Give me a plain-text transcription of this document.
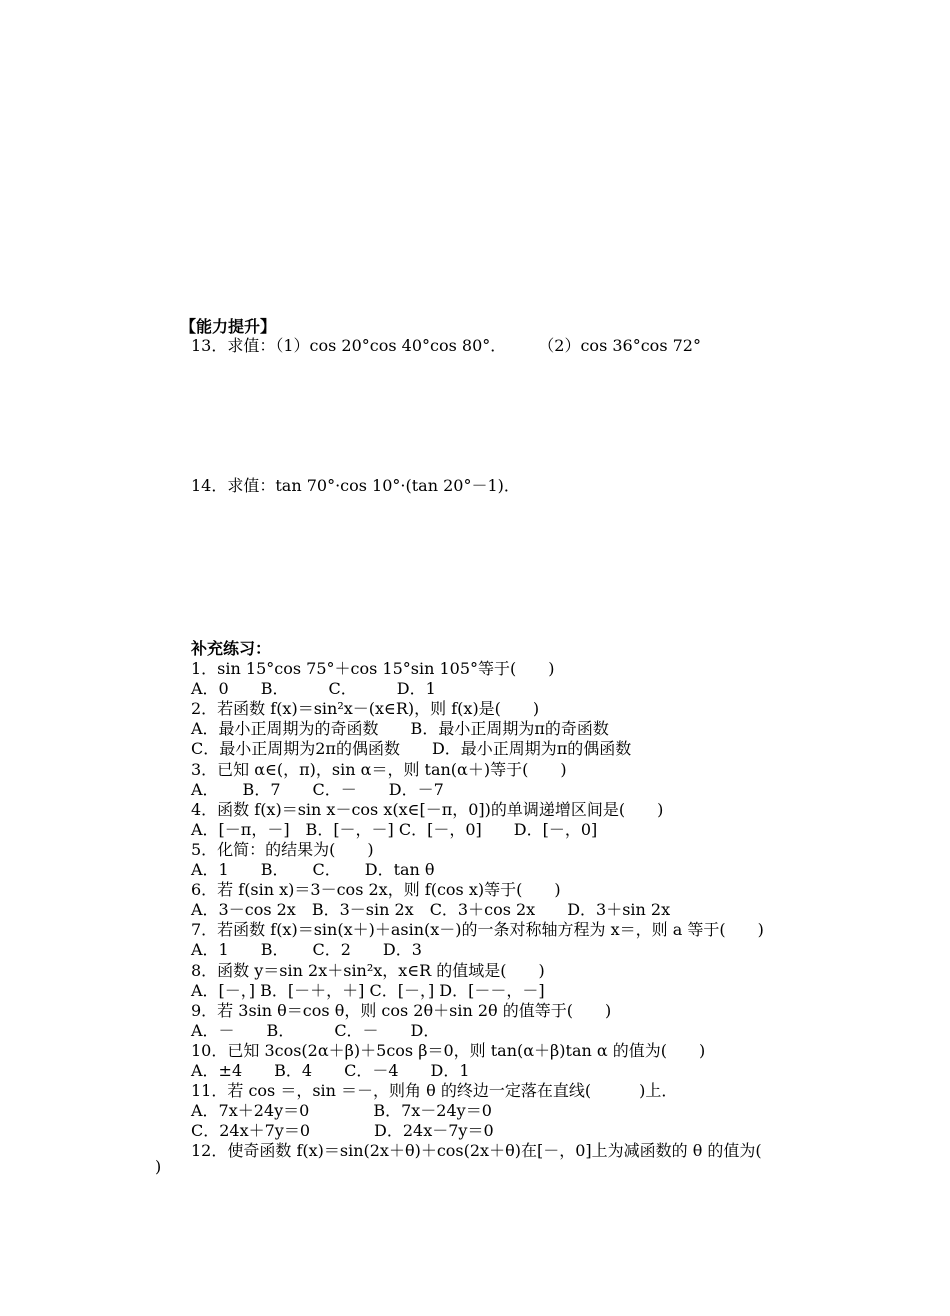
【能力提升】
13．求值：（1）cos 20°cos 40°cos 80°．　　　（2）cos 36°cos 72°
14．求值：tan 70°·cos 10°·(tan 20°－1)．
补充练习：
1．sin 15°cos 75°＋cos 15°sin 105°等于(　　)
A．0　　B．　　　C．　　　D．1
2．若函数 f(x)＝sin²x－(x∈R)，则 f(x)是(　　)
A．最小正周期为的奇函数　　B．最小正周期为π的奇函数
C．最小正周期为2π的偶函数　　D．最小正周期为π的偶函数
3．已知 α∈(，π)，sin α＝，则 tan(α＋)等于(　　)
A．　　B．7　　C．－　　D．－7
4．函数 f(x)＝sin x－cos x(x∈[－π，0])的单调递增区间是(　　)
A．[－π，－]　B．[－，－] C．[－，0]　　D．[－，0]
5．化简：的结果为(　　)
A．1　　B．　　C．　　D．tan θ
6．若 f(sin x)＝3－cos 2x，则 f(cos x)等于(　　)
A．3－cos 2x　B．3－sin 2x　C．3＋cos 2x　　D．3＋sin 2x
7．若函数 f(x)＝sin(x＋)＋asin(x－)的一条对称轴方程为 x＝，则 a 等于(　　)
A．1　　B．　　C．2　　D．3
8．函数 y＝sin 2x＋sin²x，x∈R 的值域是(　　)
A．[－，] B．[－＋，＋] C．[－，] D．[－－，－]
9．若 3sin θ＝cos θ，则 cos 2θ＋sin 2θ 的值等于(　　)
A．－　　B．　　　C．－　　D．
10．已知 3cos(2α＋β)＋5cos β＝0，则 tan(α＋β)tan α 的值为(　　)
A．±4　　B．4　　C．－4　　D．1
11．若 cos ＝，sin ＝－，则角 θ 的终边一定落在直线(　　　)上．
A．7x＋24y＝0　　　　B．7x－24y＝0
C．24x＋7y＝0　　　　D．24x－7y＝0
12．使奇函数 f(x)＝sin(2x＋θ)＋cos(2x＋θ)在[－，0]上为减函数的 θ 的值为(
)
